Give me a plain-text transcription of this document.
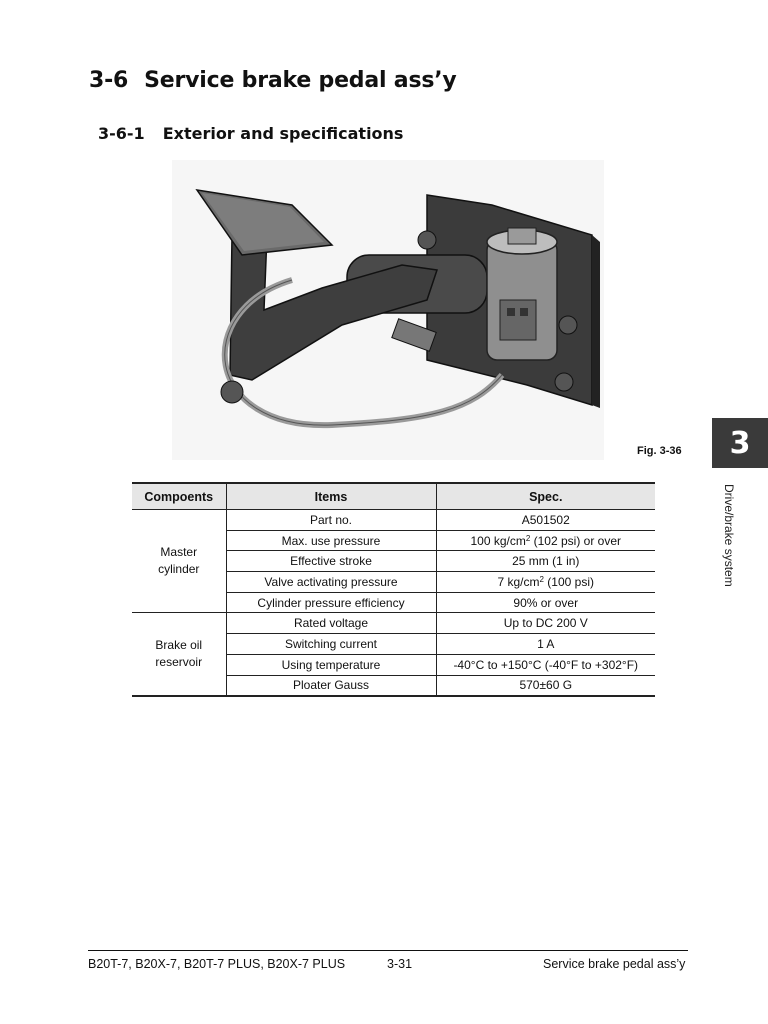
3-6 Service brake pedal ass’y
3-6-1 Exterior and specifications
Fig. 3-36	3
Drive/brake system
Compoents	Items	Spec.

Master
cylinder	Part no.	A501502
	Max. use pressure	100 $kg/cm^2$ (102 psi) or over
	Effective stroke	25 mm (1 in)
	Valve activating pressure	7 $kg/cm^2$ (100 psi)
	Cylinder pressure efficiency	90% or over

Brake oil
reservoir	Rated voltage	Up to DC 200 V
	Switching current	1 A
	Using temperature	-40°C to +150°C (-40°F to +302°F)
	Ploater Gauss	570±60 G
B20T-7, B20X-7, B20T-7 PLUS, B20X-7 PLUS	3-31	Service brake pedal ass’y
